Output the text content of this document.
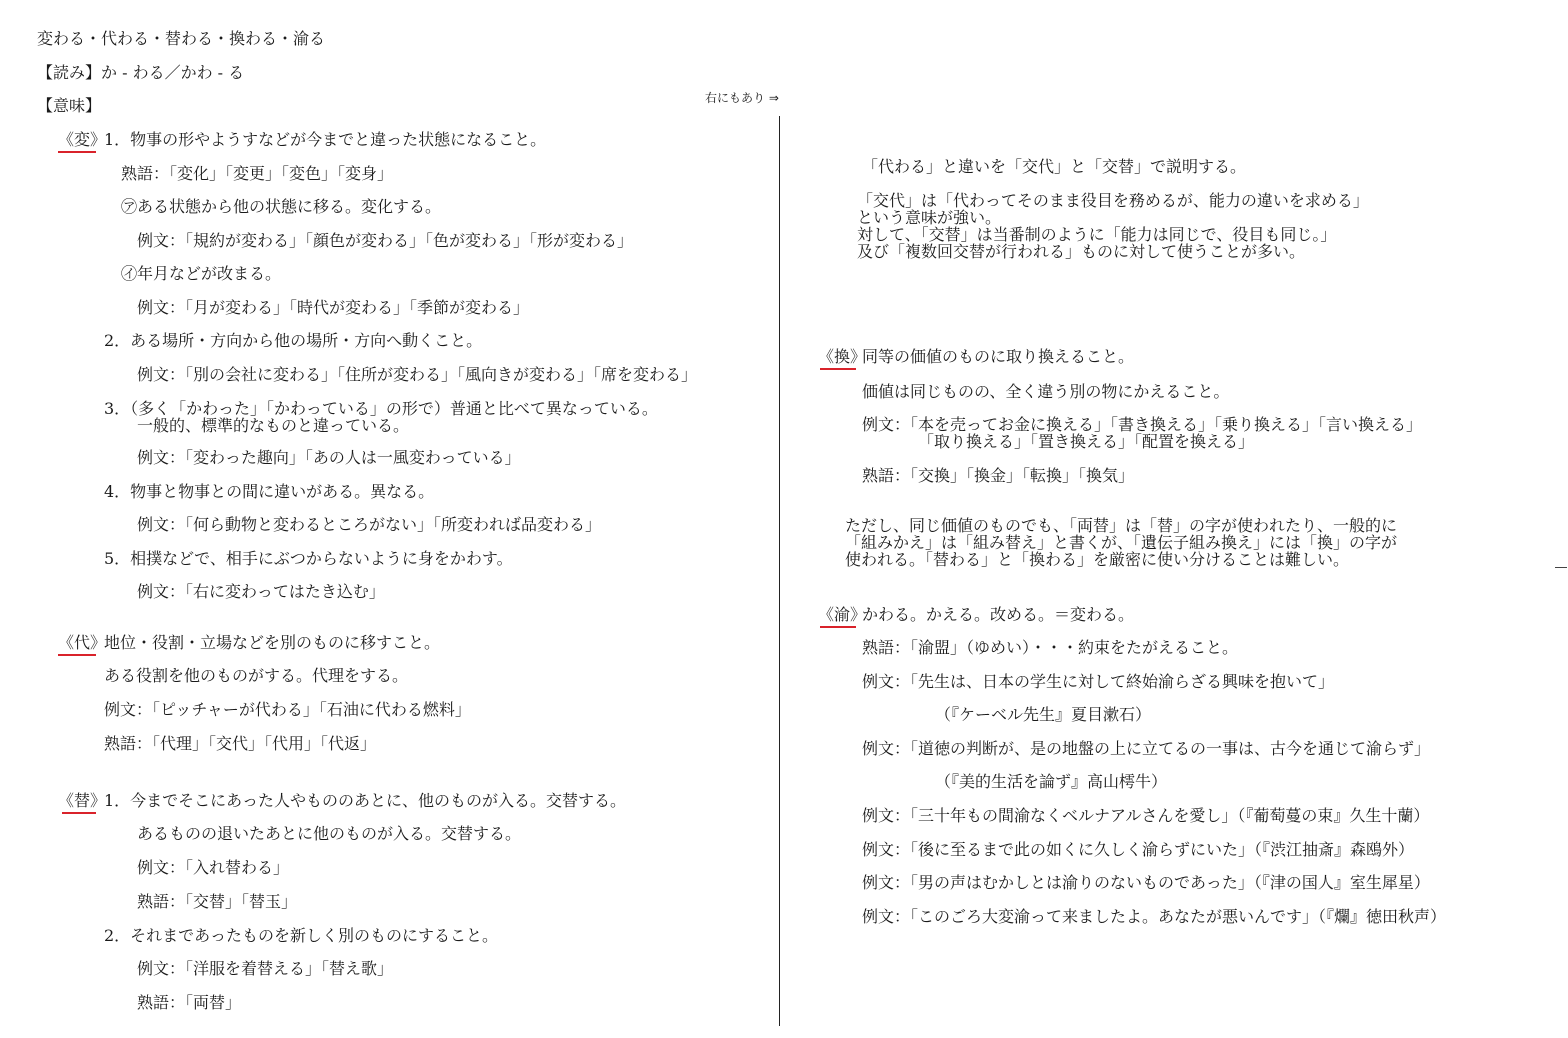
変わる・代わる・替わる・換わる・渝る
【読み】か - わる／かわ - る
【意味】	右にもあり ⇒
《変》
1．物事の形やようすなどが今までと違った状態になること。
熟語：「変化」「変更」「変色」「変身」
㋐ある状態から他の状態に移る。変化する。
例文：「規約が変わる」「顔色が変わる」「色が変わる」「形が変わる」
㋑年月などが改まる。
例文：「月が変わる」「時代が変わる」「季節が変わる」
2．ある場所・方向から他の場所・方向へ動くこと。
例文：「別の会社に変わる」「住所が変わる」「風向きが変わる」「席を変わる」
3．（多く「かわった」「かわっている」の形で）普通と比べて異なっている。
一般的、標準的なものと違っている。
例文：「変わった趣向」「あの人は一風変わっている」
4．物事と物事との間に違いがある。異なる。
例文：「何ら動物と変わるところがない」「所変われば品変わる」
5．相撲などで、相手にぶつからないように身をかわす。
例文：「右に変わってはたき込む」
《代》
地位・役割・立場などを別のものに移すこと。
ある役割を他のものがする。代理をする。
例文：「ピッチャーが代わる」「石油に代わる燃料」
熟語：「代理」「交代」「代用」「代返」
《替》
1．今までそこにあった人やもののあとに、他のものが入る。交替する。
あるものの退いたあとに他のものが入る。交替する。
例文：「入れ替わる」
熟語：「交替」「替玉」
2．それまであったものを新しく別のものにすること。
例文：「洋服を着替える」「替え歌」
熟語：「両替」
「代わる」と違いを「交代」と「交替」で説明する。
「交代」は「代わってそのまま役目を務めるが、能力の違いを求める」
という意味が強い。
対して、「交替」は当番制のように「能力は同じで、役目も同じ。」
及び「複数回交替が行われる」ものに対して使うことが多い。
《換》
同等の価値のものに取り換えること。
価値は同じものの、全く違う別の物にかえること。
例文：「本を売ってお金に換える」「書き換える」「乗り換える」「言い換える」
「取り換える」「置き換える」「配置を換える」
熟語：「交換」「換金」「転換」「換気」
ただし、同じ価値のものでも、「両替」は「替」の字が使われたり、一般的に
「組みかえ」は「組み替え」と書くが、「遺伝子組み換え」には「換」の字が
使われる。「替わる」と「換わる」を厳密に使い分けることは難しい。
《渝》
かわる。かえる。改める。＝変わる。
熟語：「渝盟」（ゆめい）・・・約束をたがえること。
例文：「先生は、日本の学生に対して終始渝らざる興味を抱いて」
（『ケーベル先生』夏目漱石）
例文：「道徳の判断が、是の地盤の上に立てるの一事は、古今を通じて渝らず」
（『美的生活を論ず』高山樗牛）
例文：「三十年もの間渝なくベルナアルさんを愛し」（『葡萄蔓の束』久生十蘭）
例文：「後に至るまで此の如くに久しく渝らずにいた」（『渋江抽斎』森鴎外）
例文：「男の声はむかしとは渝りのないものであった」（『津の国人』室生犀星）
例文：「このごろ大変渝って来ましたよ。あなたが悪いんです」（『爛』徳田秋声）
